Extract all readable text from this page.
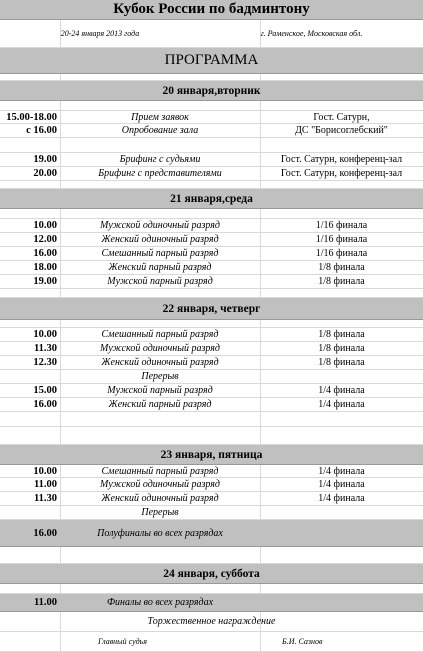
Кубок России по бадминтону
20-24 января 2013 года	г. Раменское, Московская обл.
ПРОГРАММА
20 января,вторник
15.00-18.00	Прием заявок	Гост. Сатурн,
с 16.00	Опробование зала	ДС "Борисоглебский"
19.00	Брифинг с судьями	Гост. Сатурн, конференц-зал
20.00	Брифинг с представителями	Гост. Сатурн, конференц-зал
21 января,среда
10.00	Мужской одиночный разряд	1/16 финала
12.00	Женский одиночный разряд	1/16 финала
16.00	Смешанный парный разряд	1/16 финала
18.00	Женский парный разряд	1/8 финала
19.00	Мужской парный разряд	1/8 финала
22 января, четверг
10.00	Смешанный парный разряд	1/8 финала
11.30	Мужской одиночный разряд	1/8 финала
12.30	Женский одиночный разряд	1/8 финала
Перерыв
15.00	Мужской парный разряд	1/4 финала
16.00	Женский парный разряд	1/4 финала
23 января, пятница
10.00	Смешанный парный разряд	1/4 финала
11.00	Мужской одиночный разряд	1/4 финала
11.30	Женский одиночный разряд	1/4 финала
Перерыв
16.00	Полуфиналы во всех разрядах
24 января, суббота
11.00	Финалы во всех разрядах
Торжественное награждение
Главный судья	Б.И. Сазнов
